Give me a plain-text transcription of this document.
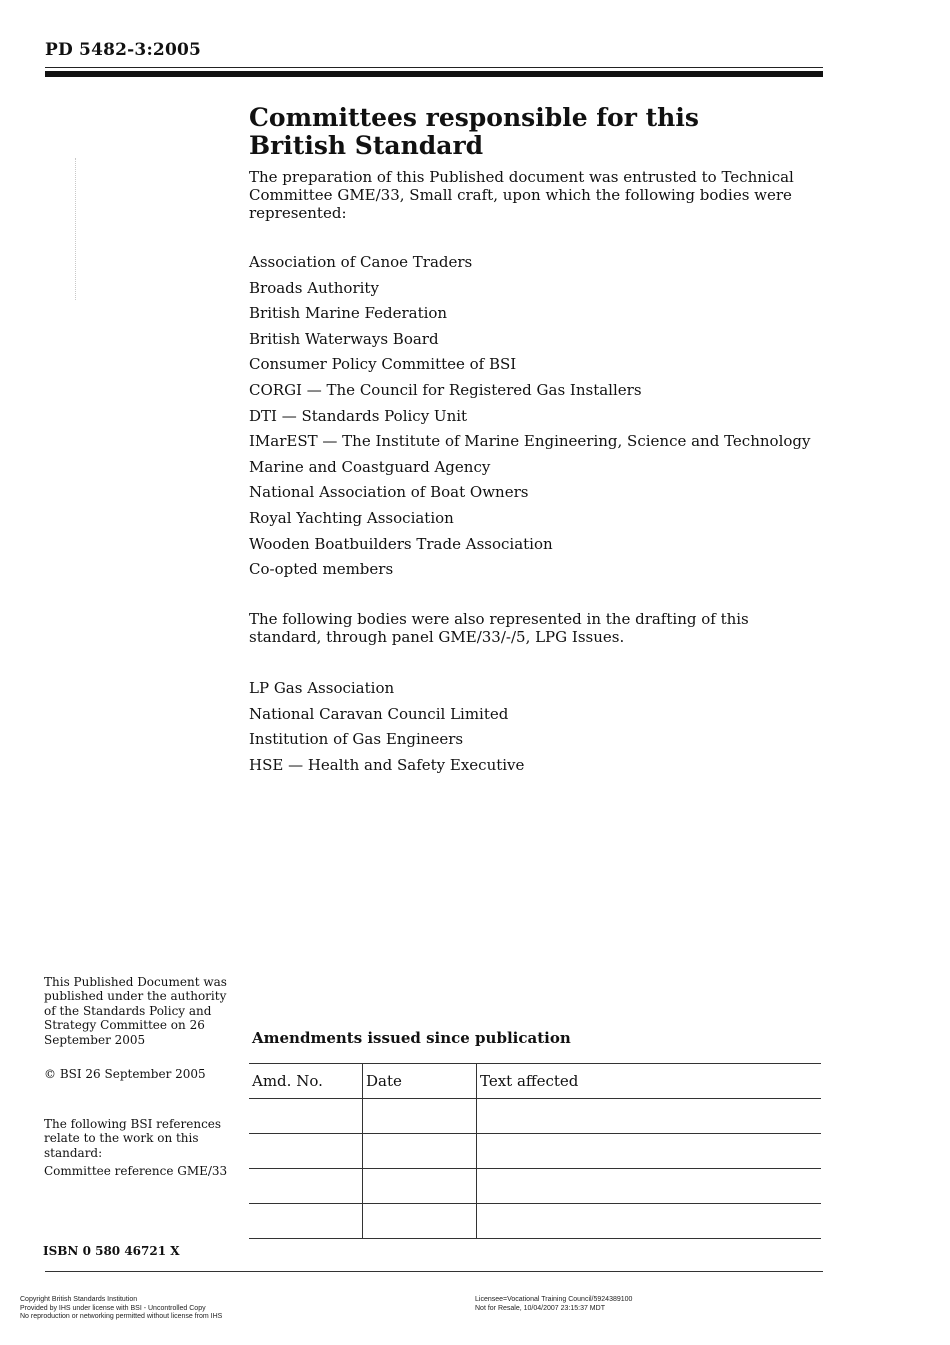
PD 5482-3:2005
Committees responsible for this
British Standard
The preparation of this Published document was entrusted to Technical Committee GME/33, Small craft, upon which the following bodies were represented:
Association of Canoe Traders
Broads Authority
British Marine Federation
British Waterways Board
Consumer Policy Committee of BSI
CORGI — The Council for Registered Gas Installers
DTI — Standards Policy Unit
IMarEST — The Institute of Marine Engineering, Science and Technology
Marine and Coastguard Agency
National Association of Boat Owners
Royal Yachting Association
Wooden Boatbuilders Trade Association
Co-opted members
The following bodies were also represented in the drafting of this standard, through panel GME/33/-/5, LPG Issues.
LP Gas Association
National Caravan Council Limited
Institution of Gas Engineers
HSE — Health and Safety Executive
This Published Document was published under the authority of the Standards Policy and Strategy Committee on 26 September 2005
© BSI 26 September 2005
The following BSI references relate to the work on this standard:
Committee reference GME/33
ISBN 0 580 46721 X
Amendments issued since publication
Amd. No.	Date	Text affected

Copyright British Standards Institution
Provided by IHS under license with BSI - Uncontrolled Copy
No reproduction or networking permitted without license from IHS
Licensee=Vocational Training Council/5924389100
Not for Resale, 10/04/2007 23:15:37 MDT
